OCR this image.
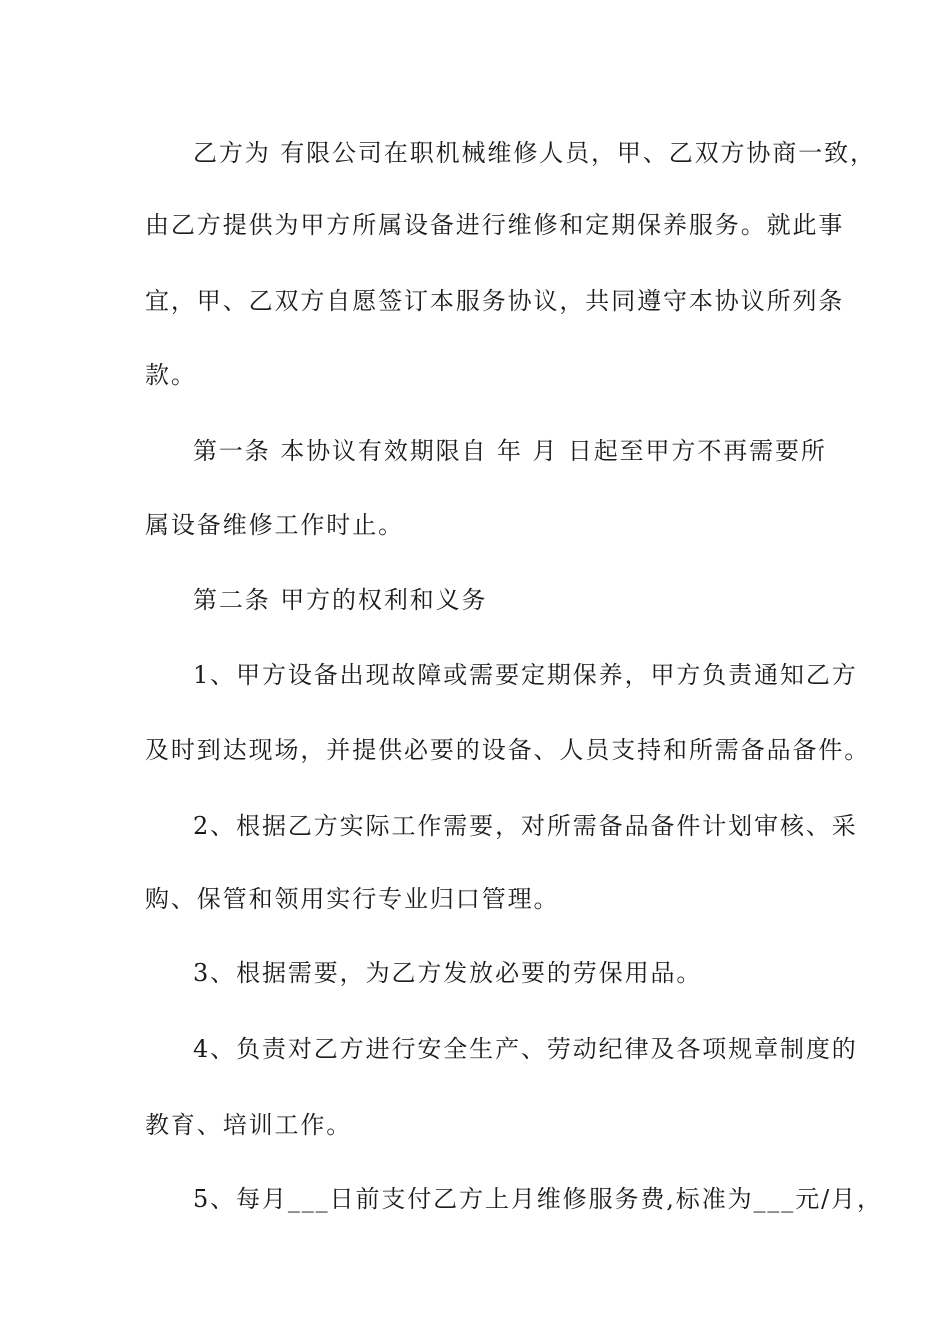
乙方为 有限公司在职机械维修人员，甲、乙双方协商一致，
由乙方提供为甲方所属设备进行维修和定期保养服务。就此事
宜，甲、乙双方自愿签订本服务协议，共同遵守本协议所列条
款。
第一条 本协议有效期限自 年 月 日起至甲方不再需要所
属设备维修工作时止。
第二条 甲方的权利和义务
1、甲方设备出现故障或需要定期保养，甲方负责通知乙方
及时到达现场，并提供必要的设备、人员支持和所需备品备件。
2、根据乙方实际工作需要，对所需备品备件计划审核、采
购、保管和领用实行专业归口管理。
3、根据需要，为乙方发放必要的劳保用品。
4、负责对乙方进行安全生产、劳动纪律及各项规章制度的
教育、培训工作。
5、每月___日前支付乙方上月维修服务费,标准为___元/月，
